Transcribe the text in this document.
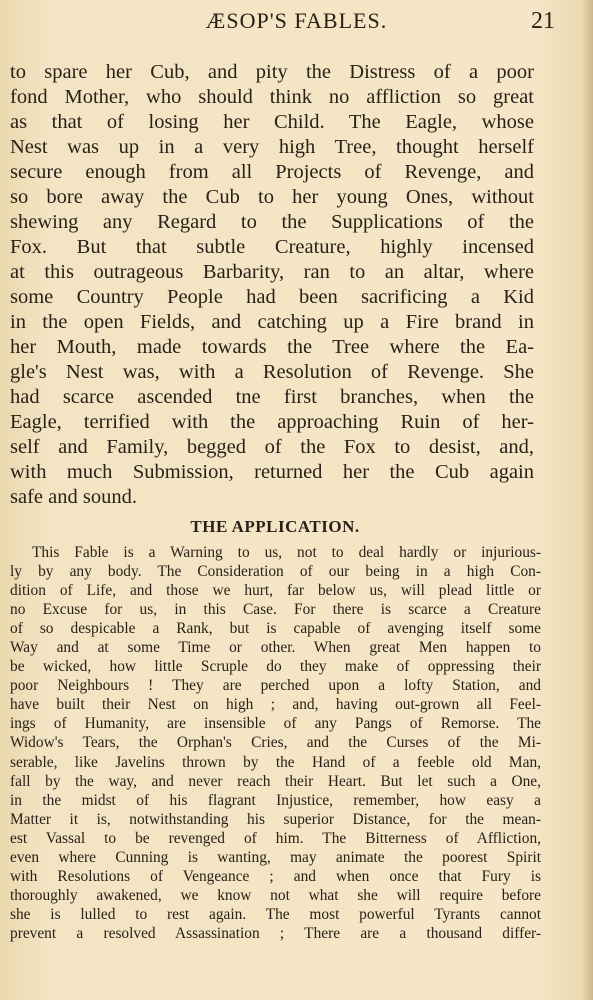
ÆSOP'S FABLES.	21
to spare her Cub, and pity the Distress of a poor
fond Mother, who should think no affliction so great
as that of losing her Child. The Eagle, whose
Nest was up in a very high Tree, thought herself
secure enough from all Projects of Revenge, and
so bore away the Cub to her young Ones, without
shewing any Regard to the Supplications of the
Fox. But that subtle Creature, highly incensed
at this outrageous Barbarity, ran to an altar, where
some Country People had been sacrificing a Kid
in the open Fields, and catching up a Fire brand in
her Mouth, made towards the Tree where the Ea-
gle's Nest was, with a Resolution of Revenge. She
had scarce ascended tne first branches, when the
Eagle, terrified with the approaching Ruin of her-
self and Family, begged of the Fox to desist, and,
with much Submission, returned her the Cub again
safe and sound.
THE APPLICATION.
This Fable is a Warning to us, not to deal hardly or injurious-
ly by any body. The Consideration of our being in a high Con-
dition of Life, and those we hurt, far below us, will plead little or
no Excuse for us, in this Case. For there is scarce a Creature
of so despicable a Rank, but is capable of avenging itself some
Way and at some Time or other. When great Men happen to
be wicked, how little Scruple do they make of oppressing their
poor Neighbours ! They are perched upon a lofty Station, and
have built their Nest on high ; and, having out-grown all Feel-
ings of Humanity, are insensible of any Pangs of Remorse. The
Widow's Tears, the Orphan's Cries, and the Curses of the Mi-
serable, like Javelins thrown by the Hand of a feeble old Man,
fall by the way, and never reach their Heart. But let such a One,
in the midst of his flagrant Injustice, remember, how easy a
Matter it is, notwithstanding his superior Distance, for the mean-
est Vassal to be revenged of him. The Bitterness of Affliction,
even where Cunning is wanting, may animate the poorest Spirit
with Resolutions of Vengeance ; and when once that Fury is
thoroughly awakened, we know not what she will require before
she is lulled to rest again. The most powerful Tyrants cannot
prevent a resolved Assassination ; There are a thousand differ-
